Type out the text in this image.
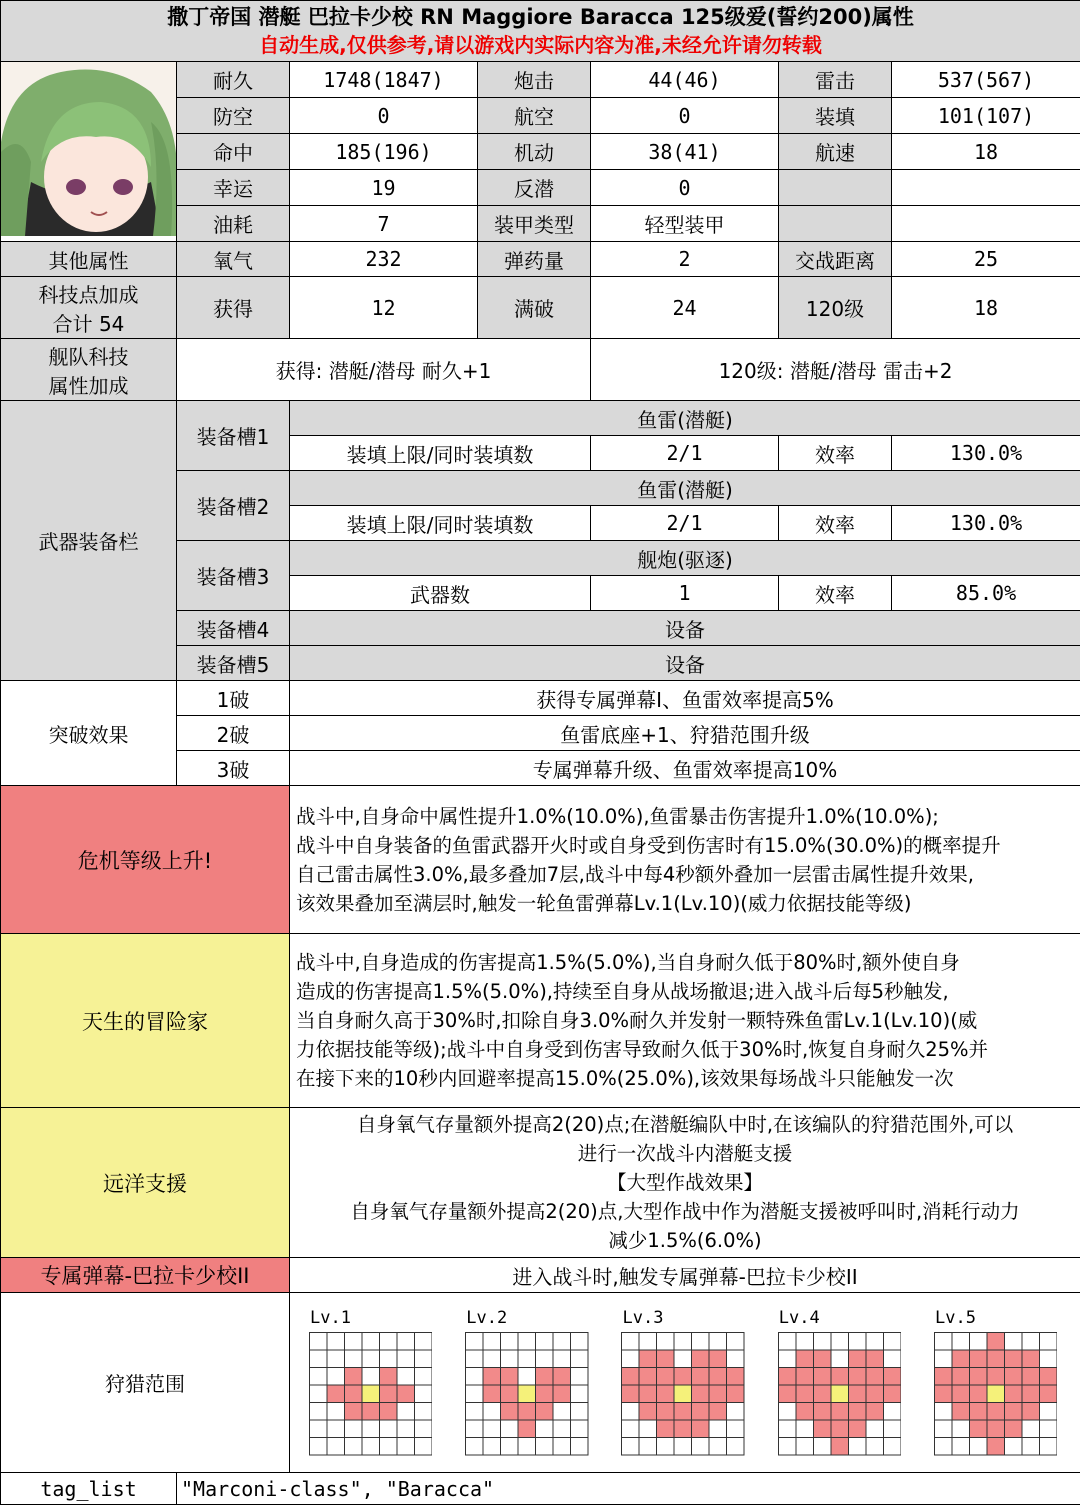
撒丁帝国 潜艇 巴拉卡少校 RN Maggiore Baracca 125级爱(誓约200)属性
自动生成,仅供参考,请以游戏内实际内容为准,未经允许请勿转载						

	耐久	1748(1847)	炮击	44(46)	雷击	537(567)
	防空	0	航空	0	装填	101(107)
	命中	185(196)	机动	38(41)	航速	18
	幸运	19	反潜	0		
	油耗	7	装甲类型	轻型装甲		
其他属性	氧气	232	弹药量	2	交战距离	25

科技点加成
合计 54	获得	12	满破	24	120级	18

舰队科技
属性加成	获得: 潜艇/潜母 耐久+1			120级: 潜艇/潜母 雷击+2		
武器装备栏	装备槽1	鱼雷(潜艇)				
		装填上限/同时装填数		2/1	效率	130.0%
	装备槽2	鱼雷(潜艇)				
		装填上限/同时装填数		2/1	效率	130.0%
	装备槽3	舰炮(驱逐)				
		武器数		1	效率	85.0%
	装备槽4	设备				
	装备槽5	设备				
突破效果	1破	获得专属弹幕I、鱼雷效率提高5%				
	2破	鱼雷底座+1、狩猎范围升级				
	3破	专属弹幕升级、鱼雷效率提高10%				
危机等级上升!		战斗中,自身命中属性提升1.0%(10.0%),鱼雷暴击伤害提升1.0%(10.0%);
战斗中自身装备的鱼雷武器开火时或自身受到伤害时有15.0%(30.0%)的概率提升
自己雷击属性3.0%,最多叠加7层,战斗中每4秒额外叠加一层雷击属性提升效果,
该效果叠加至满层时,触发一轮鱼雷弹幕Lv.1(Lv.10)(威力依据技能等级)				

天生的冒险家		战斗中,自身造成的伤害提高1.5%(5.0%),当自身耐久低于80%时,额外使自身
造成的伤害提高1.5%(5.0%),持续至自身从战场撤退;进入战斗后每5秒触发,
当自身耐久高于30%时,扣除自身3.0%耐久并发射一颗特殊鱼雷Lv.1(Lv.10)(威
力依据技能等级);战斗中自身受到伤害导致耐久低于30%时,恢复自身耐久25%并
在接下来的10秒内回避率提高15.0%(25.0%),该效果每场战斗只能触发一次				

远洋支援		自身氧气存量额外提高2(20)点;在潜艇编队中时,在该编队的狩猎范围外,可以
进行一次战斗内潜艇支援
【大型作战效果】
自身氧气存量额外提高2(20)点,大型作战中作为潜艇支援被呼叫时,消耗行动力
减少1.5%(6.0%)				

专属弹幕-巴拉卡少校II		进入战斗时,触发专属弹幕-巴拉卡少校II				
狩猎范围		Lv.1 Lv.2 Lv.3 Lv.4 Lv.5				

tag_list	"Marconi-class", "Baracca"					
